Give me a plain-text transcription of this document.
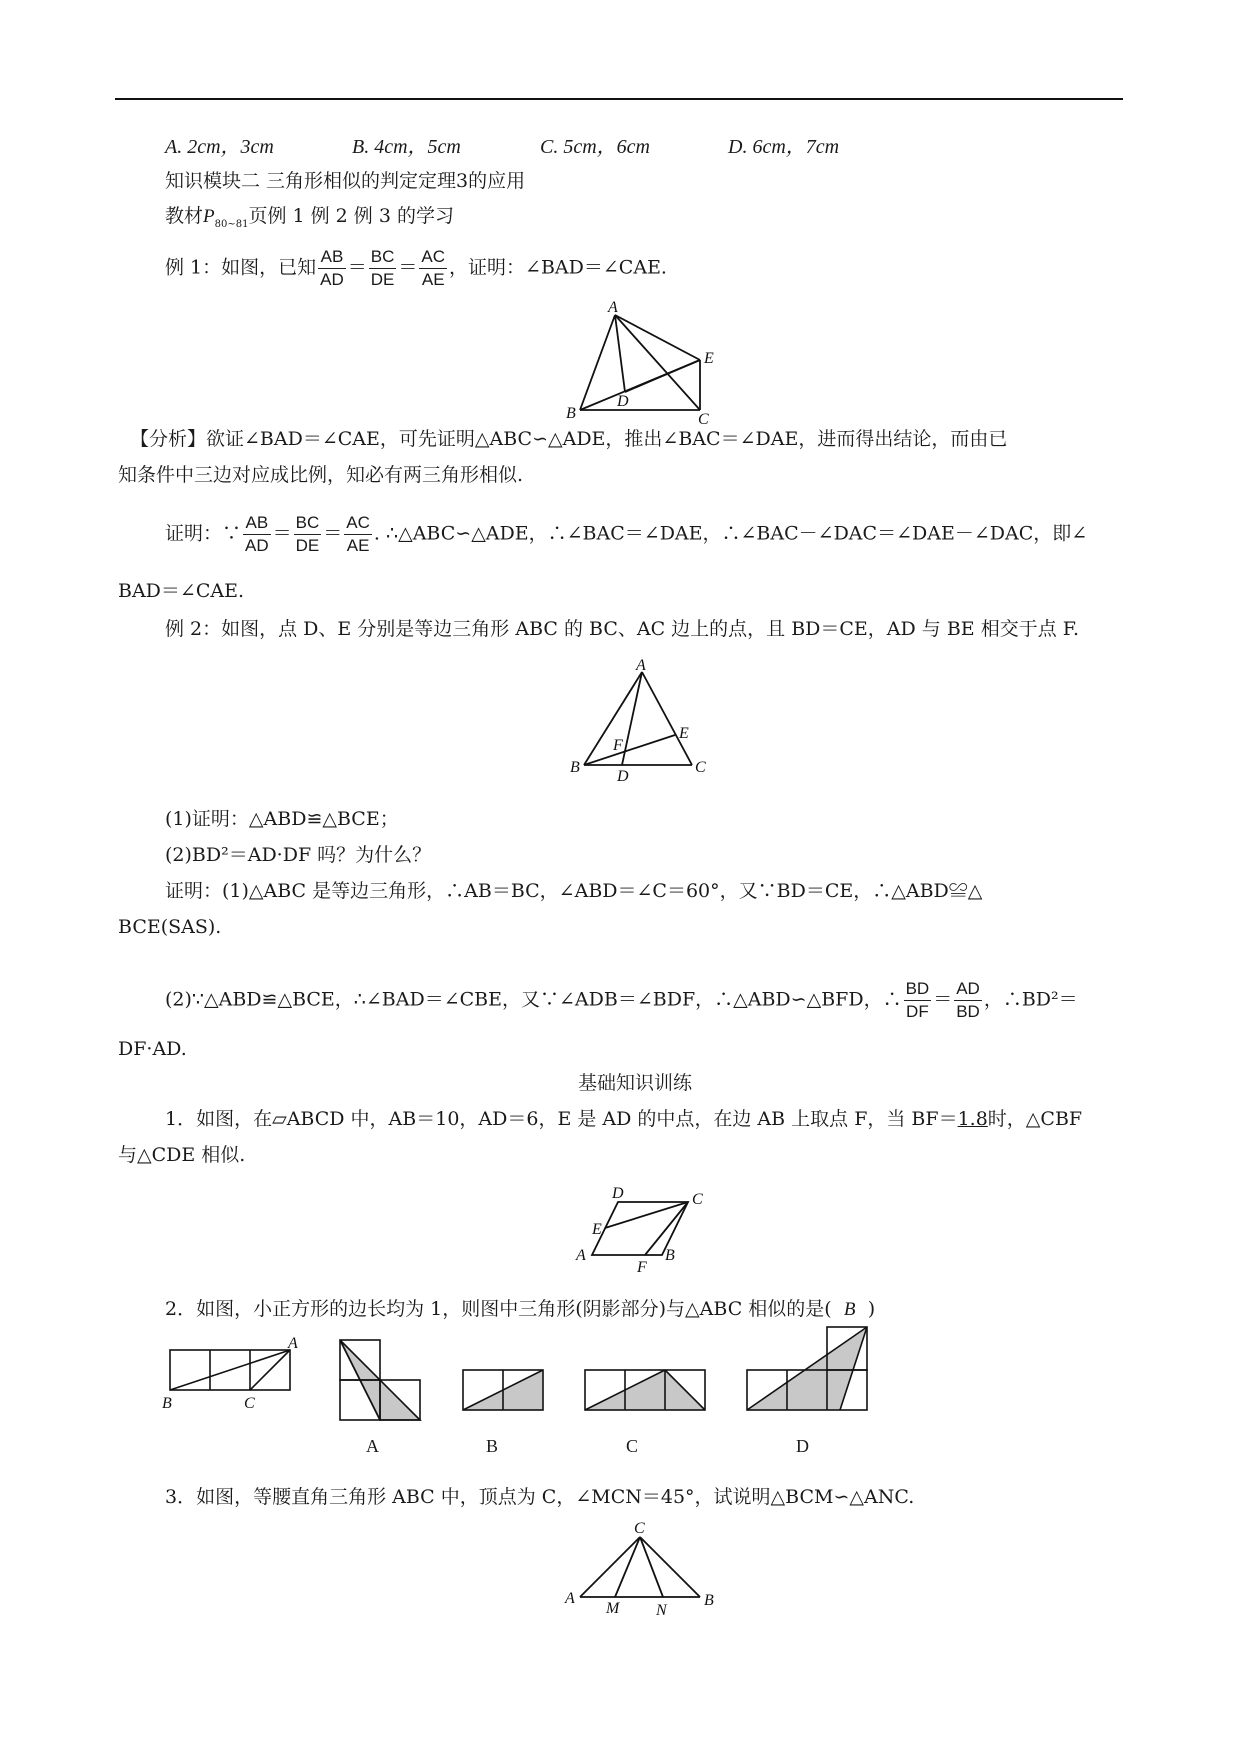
A. 2cm，3cm	B. 4cm，5cm	C. 5cm，6cm	D. 6cm，7cm
知识模块二 三角形相似的判定定理3的应用
教材$P_{80\sim 81}$页例 1 例 2 例 3 的学习
例 1：如图，已知 $\frac{AB}{AD} = \frac{BC}{DE} = \frac{AC}{AE}$ ，证明：∠BAD＝∠CAE.
A
B	C
D
E
【分析】欲证∠BAD＝∠CAE，可先证明△ABC∽△ADE，推出∠BAC＝∠DAE，进而得出结论，而由已
知条件中三边对应成比例，知必有两三角形相似.
证明：∵ $\frac{AB}{AD} = \frac{BC}{DE} = \frac{AC}{AE}$ . ∴△ABC∽△ADE，∴∠BAC＝∠DAE，∴∠BAC－∠DAC＝∠DAE－∠DAC，即∠
BAD＝∠CAE.
例 2：如图，点 D、E 分别是等边三角形 ABC 的 BC、AC 边上的点，且 BD＝CE，AD 与 BE 相交于点 F.
A
B	C
D
E
F
(1)证明：△ABD≌△BCE；
(2)BD²＝AD·DF 吗？为什么？
证明：(1)△ABC 是等边三角形，∴AB＝BC，∠ABD＝∠C＝60°，又∵BD＝CE，∴△ABD≌△
BCE(SAS).
(2)∵△ABD≌△BCE，∴∠BAD＝∠CBE，又∵∠ADB＝∠BDF，∴△ABD∽△BFD，∴ $\frac{BD}{DF} = \frac{AD}{BD}$ ，∴BD²＝
DF·AD.
基础知识训练
1．如图，在▱ABCD 中，AB＝10，AD＝6，E 是 AD 的中点，在边 AB 上取点 F，当 BF＝1.8时，△CBF
与△CDE 相似.
D	C
E
A	B
F
2．如图，小正方形的边长均为 1，则图中三角形(阴影部分)与△ABC 相似的是( B )
A
B	C
A	B	C	D
3．如图，等腰直角三角形 ABC 中，顶点为 C，∠MCN＝45°，试说明△BCM∽△ANC.
C
A	B
M N
